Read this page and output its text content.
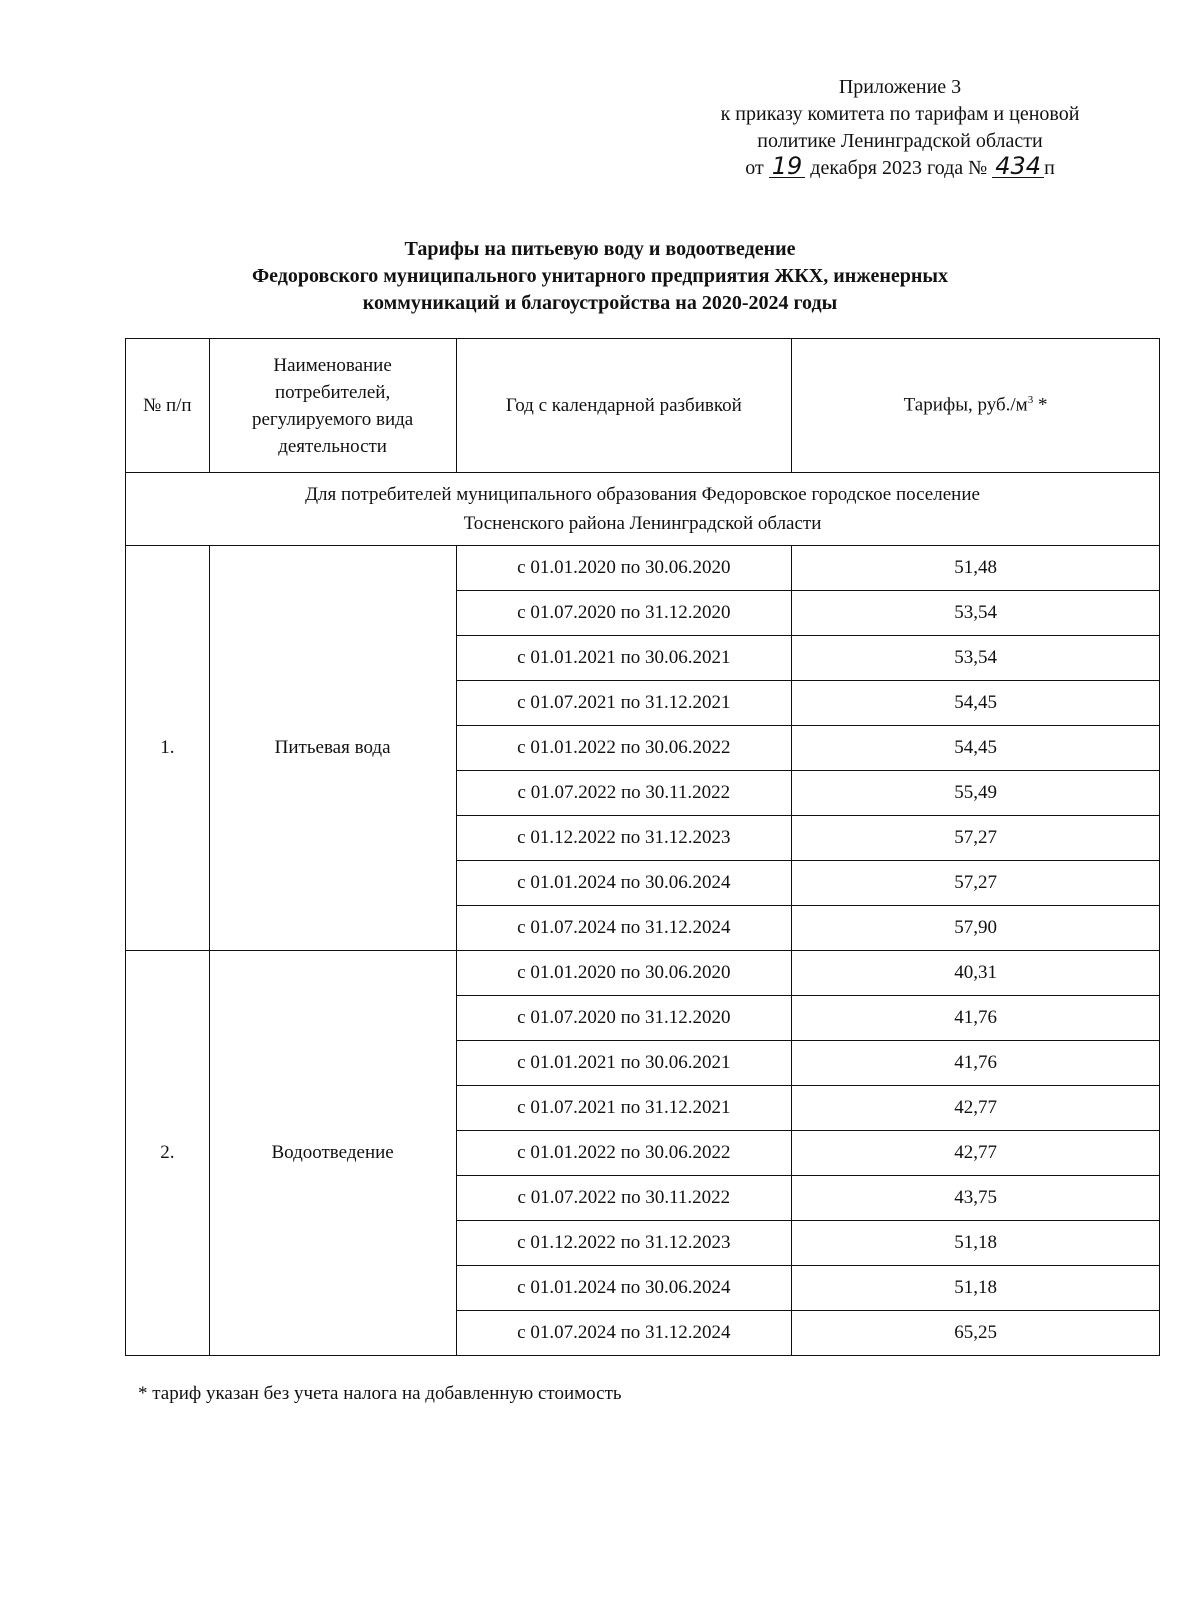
Приложение 3
к приказу комитета по тарифам и ценовой
политике Ленинградской области
от 19 декабря 2023 года № 434 п
Тарифы на питьевую воду и водоотведение
Федоровского муниципального унитарного предприятия ЖКХ, инженерных
коммуникаций и благоустройства на 2020-2024 годы
№ п/п	Наименование потребителей, регулируемого вида деятельности	Год с календарной разбивкой	Тарифы, $руб./м^3$ *

Для потребителей муниципального образования Федоровское городское поселение
Тосненского района Ленинградской области			

1.	Питьевая вода	с 01.01.2020 по 30.06.2020	51,48
		с 01.07.2020 по 31.12.2020	53,54
		с 01.01.2021 по 30.06.2021	53,54
		с 01.07.2021 по 31.12.2021	54,45
		с 01.01.2022 по 30.06.2022	54,45
		с 01.07.2022 по 30.11.2022	55,49
		с 01.12.2022 по 31.12.2023	57,27
		с 01.01.2024 по 30.06.2024	57,27
		с 01.07.2024 по 31.12.2024	57,90
2.	Водоотведение	с 01.01.2020 по 30.06.2020	40,31
		с 01.07.2020 по 31.12.2020	41,76
		с 01.01.2021 по 30.06.2021	41,76
		с 01.07.2021 по 31.12.2021	42,77
		с 01.01.2022 по 30.06.2022	42,77
		с 01.07.2022 по 30.11.2022	43,75
		с 01.12.2022 по 31.12.2023	51,18
		с 01.01.2024 по 30.06.2024	51,18
		с 01.07.2024 по 31.12.2024	65,25
* тариф указан без учета налога на добавленную стоимость
